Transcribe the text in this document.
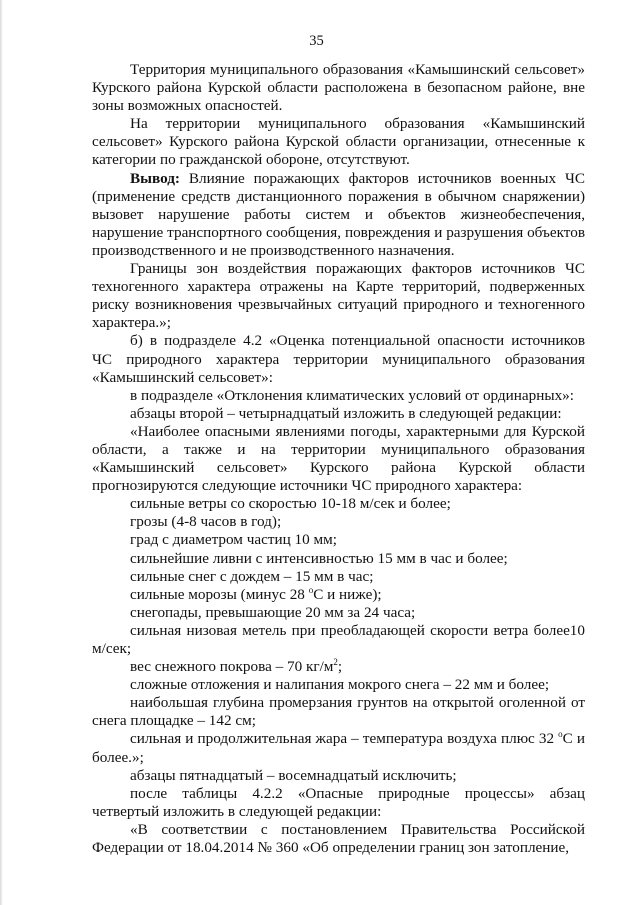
35

Территория муниципального образования «Камышинский сельсовет» Курского района Курской области расположена в безопасном районе, вне зоны возможных опасностей.

На территории муниципального образования «Камышинский сельсовет» Курского района Курской области организации, отнесенные к категории по гражданской обороне, отсутствуют.

Вывод: Влияние поражающих факторов источников военных ЧС (применение средств дистанционного поражения в обычном снаряжении) вызовет нарушение работы систем и объектов жизнеобеспечения, нарушение транспортного сообщения, повреждения и разрушения объектов производственного и не производственного назначения.

Границы зон воздействия поражающих факторов источников ЧС техногенного характера отражены на Карте территорий, подверженных риску возникновения чрезвычайных ситуаций природного и техногенного характера.»;

б) в подразделе 4.2 «Оценка потенциальной опасности источников ЧС природного характера территории муниципального образования «Камышинский сельсовет»:

в подразделе «Отклонения климатических условий от ординарных»:

абзацы второй – четырнадцатый изложить в следующей редакции:

«Наиболее опасными явлениями погоды, характерными для Курской области, а также и на территории муниципального образования «Камышинский сельсовет» Курского района Курской области прогнозируются следующие источники ЧС природного характера:

сильные ветры со скоростью 10-18 м/сек и более;

грозы (4-8 часов в год);

град с диаметром частиц 10 мм;

сильнейшие ливни с интенсивностью 15 мм в час и более;

сильные снег с дождем – 15 мм в час;

сильные морозы (минус 28 $^о$С и ниже);

снегопады, превышающие 20 мм за 24 часа;

сильная низовая метель при преобладающей скорости ветра более10 м/сек;

вес снежного покрова – 70 $кг/м^2$;

сложные отложения и налипания мокрого снега – 22 мм и более;

наибольшая глубина промерзания грунтов на открытой оголенной от снега площадке – 142 см;

сильная и продолжительная жара – температура воздуха плюс 32 $^о$С и более.»;

абзацы пятнадцатый – восемнадцатый исключить;

после таблицы 4.2.2 «Опасные природные процессы» абзац четвертый изложить в следующей редакции:

«В соответствии с постановлением Правительства Российской Федерации от 18.04.2014 № 360 «Об определении границ зон затопление,
